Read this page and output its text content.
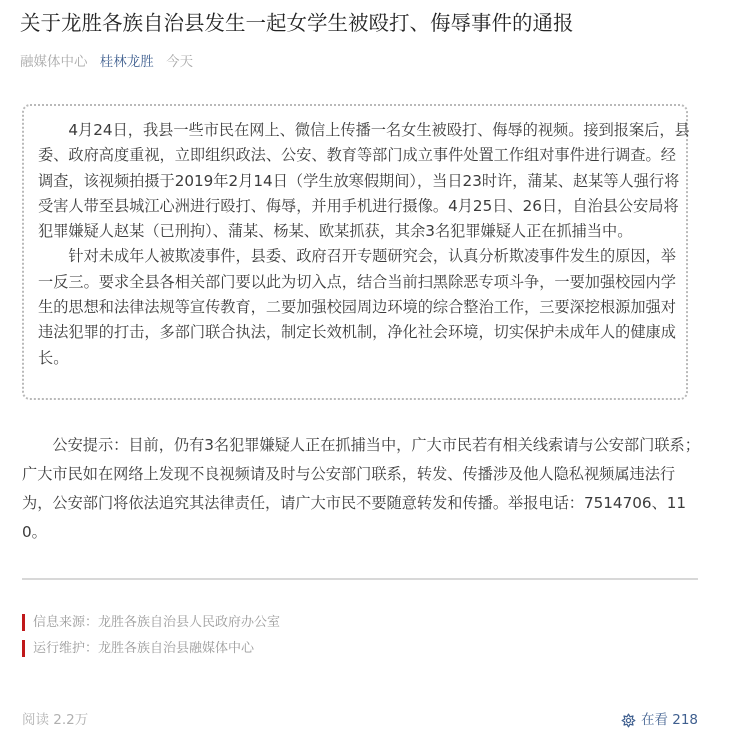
关于龙胜各族自治县发生一起女学生被殴打、侮辱事件的通报
融媒体中心 桂林龙胜 今天

4月24日，我县一些市民在网上、微信上传播一名女生被殴打、侮辱的视频。接到报案后，县委、政府高度重视，立即组织政法、公安、教育等部门成立事件处置工作组对事件进行调查。经调查，该视频拍摄于2019年2月14日（学生放寒假期间），当日23时许，蒲某、赵某等人强行将受害人带至县城江心洲进行殴打、侮辱，并用手机进行摄像。4月25日、26日，自治县公安局将犯罪嫌疑人赵某（已刑拘）、蒲某、杨某、欧某抓获，其余3名犯罪嫌疑人正在抓捕当中。

针对未成年人被欺凌事件，县委、政府召开专题研究会，认真分析欺凌事件发生的原因，举一反三。要求全县各相关部门要以此为切入点，结合当前扫黑除恶专项斗争，一要加强校园内学生的思想和法律法规等宣传教育，二要加强校园周边环境的综合整治工作，三要深挖根源加强对违法犯罪的打击，多部门联合执法，制定长效机制，净化社会环境，切实保护未成年人的健康成长。

公安提示：目前，仍有3名犯罪嫌疑人正在抓捕当中，广大市民若有相关线索请与公安部门联系；广大市民如在网络上发现不良视频请及时与公安部门联系，转发、传播涉及他人隐私视频属违法行为，公安部门将依法追究其法律责任，请广大市民不要随意转发和传播。举报电话：7514706、110。

信息来源：龙胜各族自治县人民政府办公室
运行维护：龙胜各族自治县融媒体中心
阅读 2.2万	在看 218
